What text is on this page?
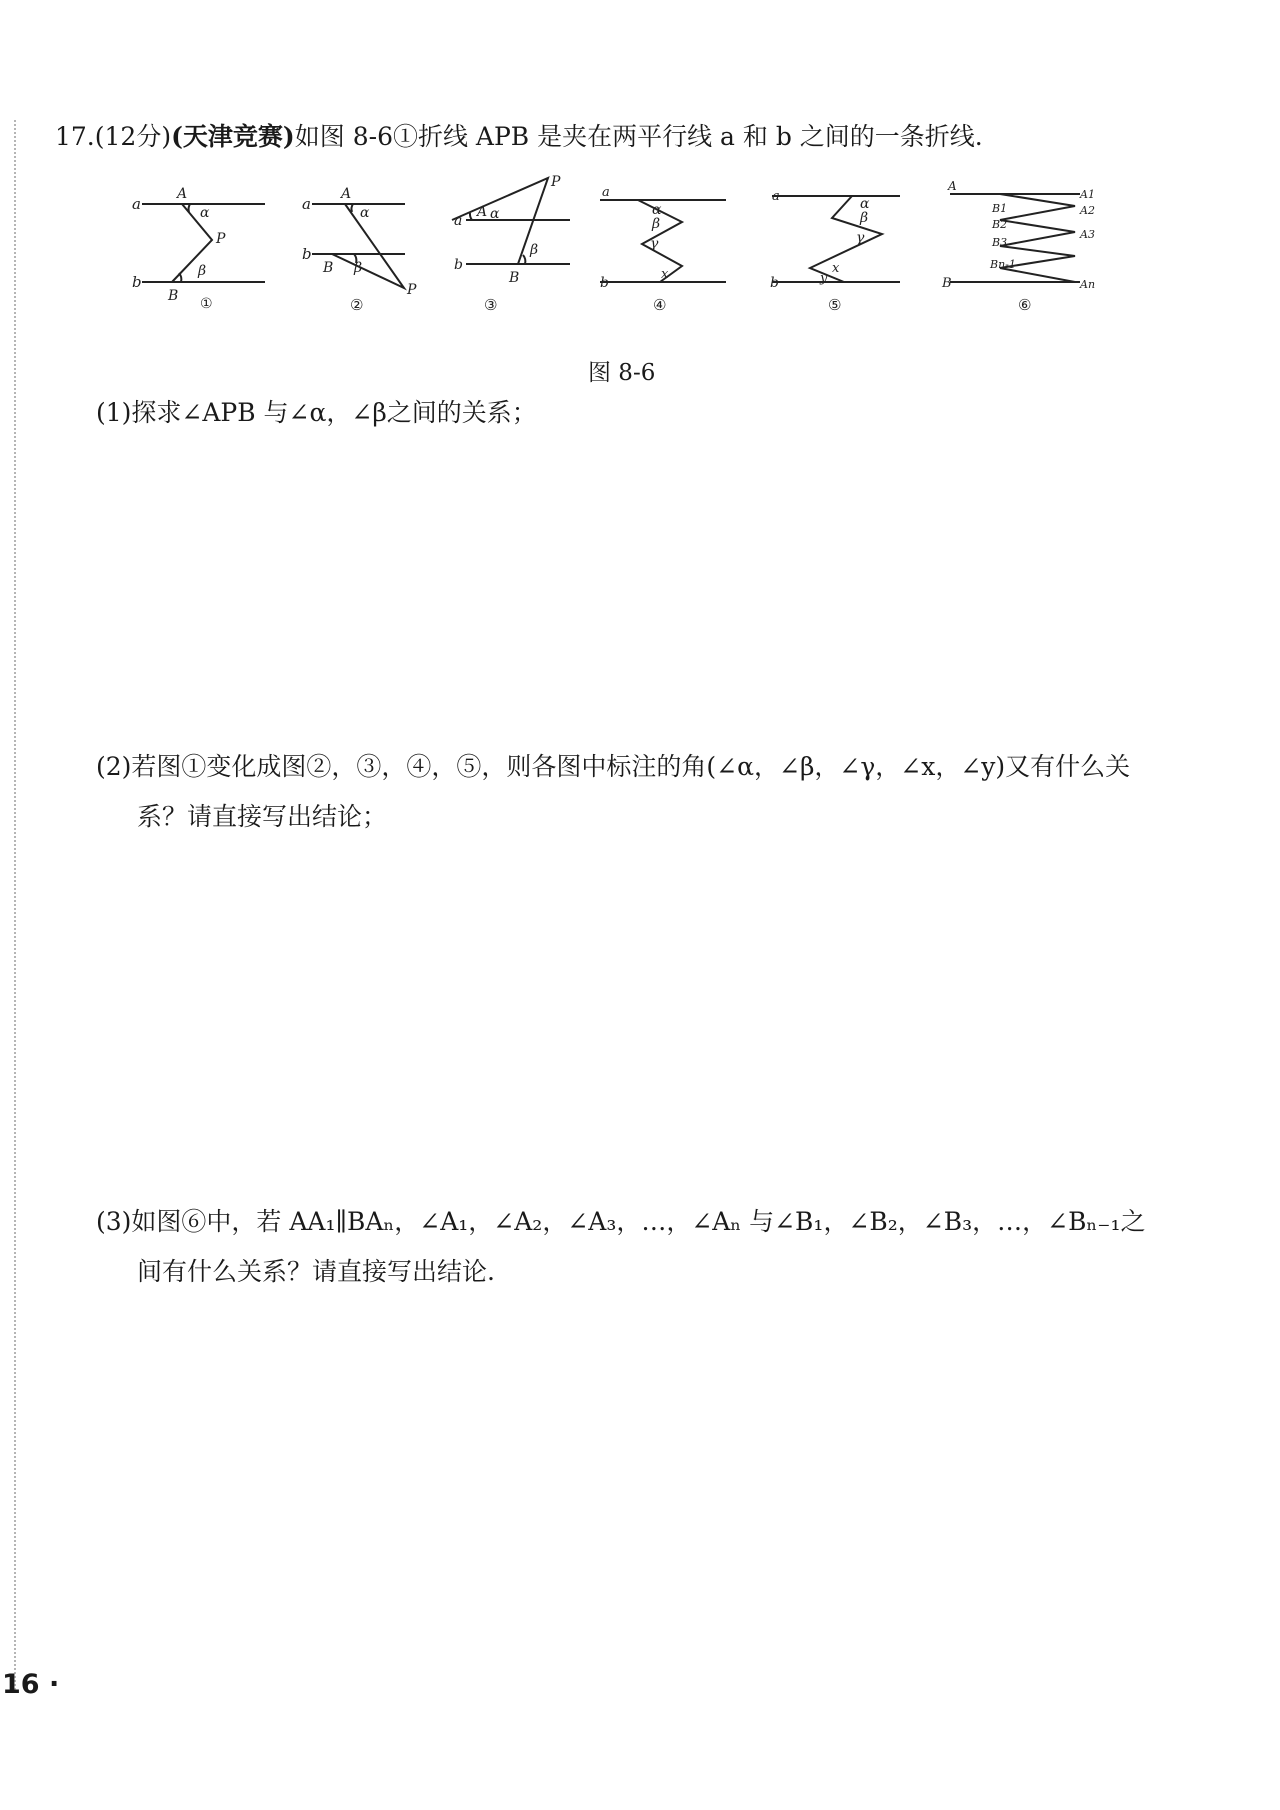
17.(12分)(天津竞赛)如图 8-6①折线 APB 是夹在两平行线 a 和 b 之间的一条折线.
a
b
A
B
P
α
β
①
a
b
A
B
P
α
β
②
a
b
A
B
P
α
β
③
a
b
α
β
γ
x
④
a
b
α
β
γ
x
y
⑤
A
B
A1
A2
A3
An
B1
B2
B3
Bn-1
⑥
图 8-6
(1)探求∠APB 与∠α，∠β之间的关系；
(2)若图①变化成图②，③，④，⑤，则各图中标注的角(∠α，∠β，∠γ，∠x，∠y)又有什么关
系？请直接写出结论；
(3)如图⑥中，若 AA₁∥BAₙ，∠A₁，∠A₂，∠A₃，…，∠Aₙ 与∠B₁，∠B₂，∠B₃，…，∠Bₙ₋₁之
间有什么关系？请直接写出结论.
16 ·
